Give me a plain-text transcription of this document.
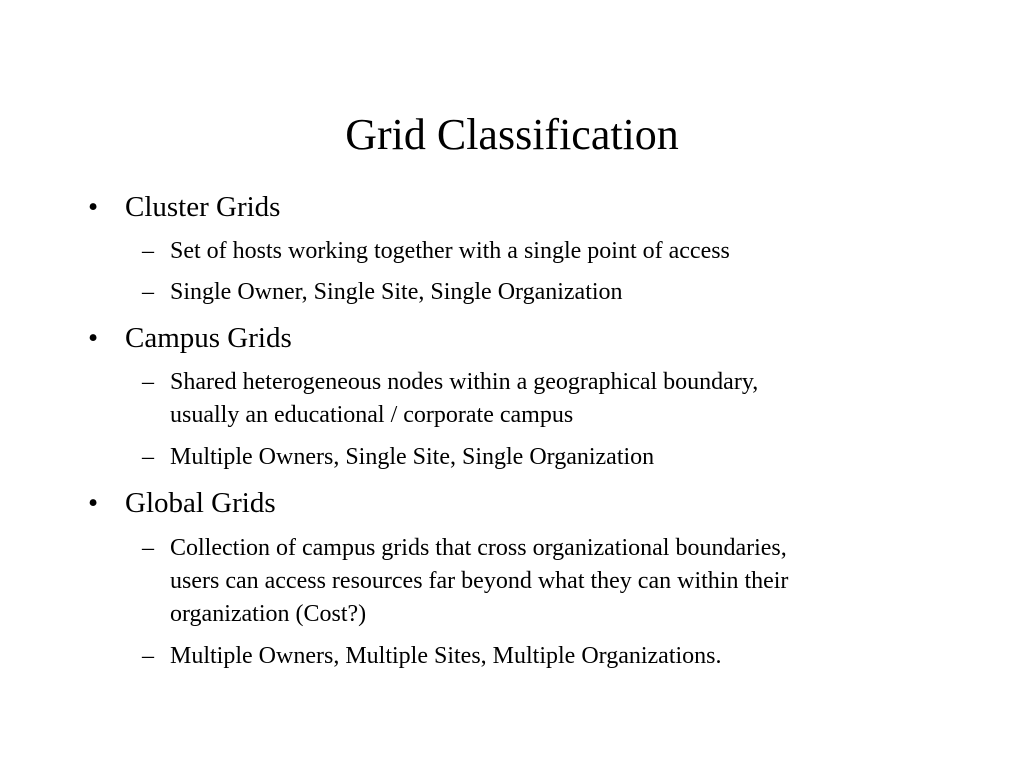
Grid Classification
• Cluster Grids
– Set of hosts working together with a single point of access
– Single Owner, Single Site, Single Organization
• Campus Grids
– Shared heterogeneous nodes within a geographical boundary,
usually an educational / corporate campus
– Multiple Owners, Single Site, Single Organization
• Global Grids
– Collection of campus grids that cross organizational boundaries,
users can access resources far beyond what they can within their
organization (Cost?)
– Multiple Owners, Multiple Sites, Multiple Organizations.
